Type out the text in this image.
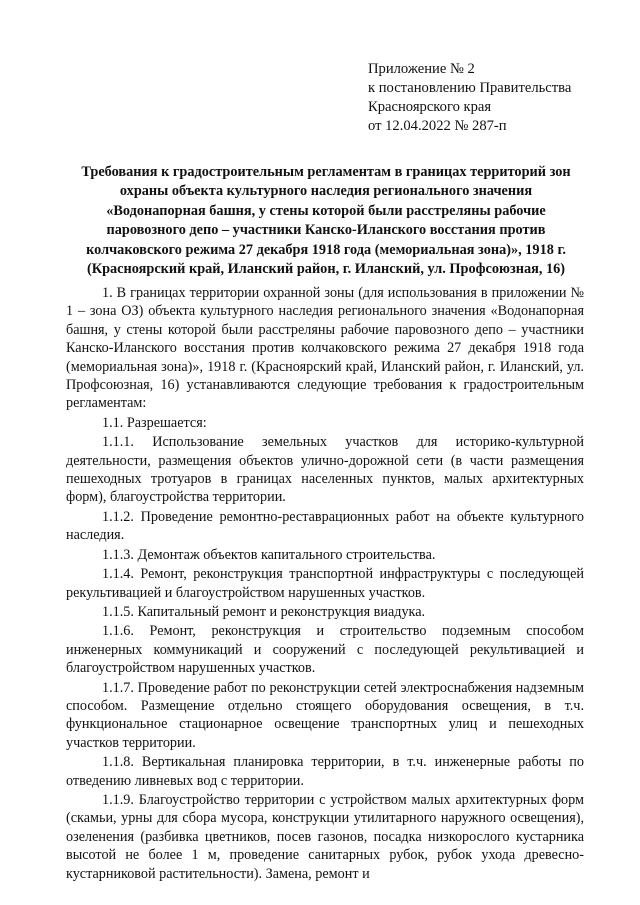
Приложение № 2
к постановлению Правительства
Красноярского края
от 12.04.2022 № 287-п
Требования к градостроительным регламентам в границах территорий зон
охраны объекта культурного наследия регионального значения
«Водонапорная башня, у стены которой были расстреляны рабочие
паровозного депо – участники Канско-Иланского восстания против
колчаковского режима 27 декабря 1918 года (мемориальная зона)», 1918 г.
(Красноярский край, Иланский район, г. Иланский, ул. Профсоюзная, 16)

1. В границах территории охранной зоны (для использования в приложении № 1 – зона ОЗ) объекта культурного наследия регионального значения «Водонапорная башня, у стены которой были расстреляны рабочие паровозного депо – участники Канско-Иланского восстания против колчаковского режима 27 декабря 1918 года (мемориальная зона)», 1918 г. (Красноярский край, Иланский район, г. Иланский, ул. Профсоюзная, 16) устанавливаются следующие требования к градостроительным регламентам:

1.1. Разрешается:

1.1.1. Использование земельных участков для историко-культурной деятельности, размещения объектов улично-дорожной сети (в части размещения пешеходных тротуаров в границах населенных пунктов, малых архитектурных форм), благоустройства территории.

1.1.2. Проведение ремонтно-реставрационных работ на объекте культурного наследия.

1.1.3. Демонтаж объектов капитального строительства.

1.1.4. Ремонт, реконструкция транспортной инфраструктуры с последующей рекультивацией и благоустройством нарушенных участков.

1.1.5. Капитальный ремонт и реконструкция виадука.

1.1.6. Ремонт, реконструкция и строительство подземным способом инженерных коммуникаций и сооружений с последующей рекультивацией и благоустройством нарушенных участков.

1.1.7. Проведение работ по реконструкции сетей электроснабжения надземным способом. Размещение отдельно стоящего оборудования освещения, в т.ч. функциональное стационарное освещение транспортных улиц и пешеходных участков территории.

1.1.8. Вертикальная планировка территории, в т.ч. инженерные работы по отведению ливневых вод с территории.

1.1.9. Благоустройство территории с устройством малых архитектурных форм (скамьи, урны для сбора мусора, конструкции утилитарного наружного освещения), озеленения (разбивка цветников, посев газонов, посадка низкорослого кустарника высотой не более 1 м, проведение санитарных рубок, рубок ухода древесно-кустарниковой растительности). Замена, ремонт и
